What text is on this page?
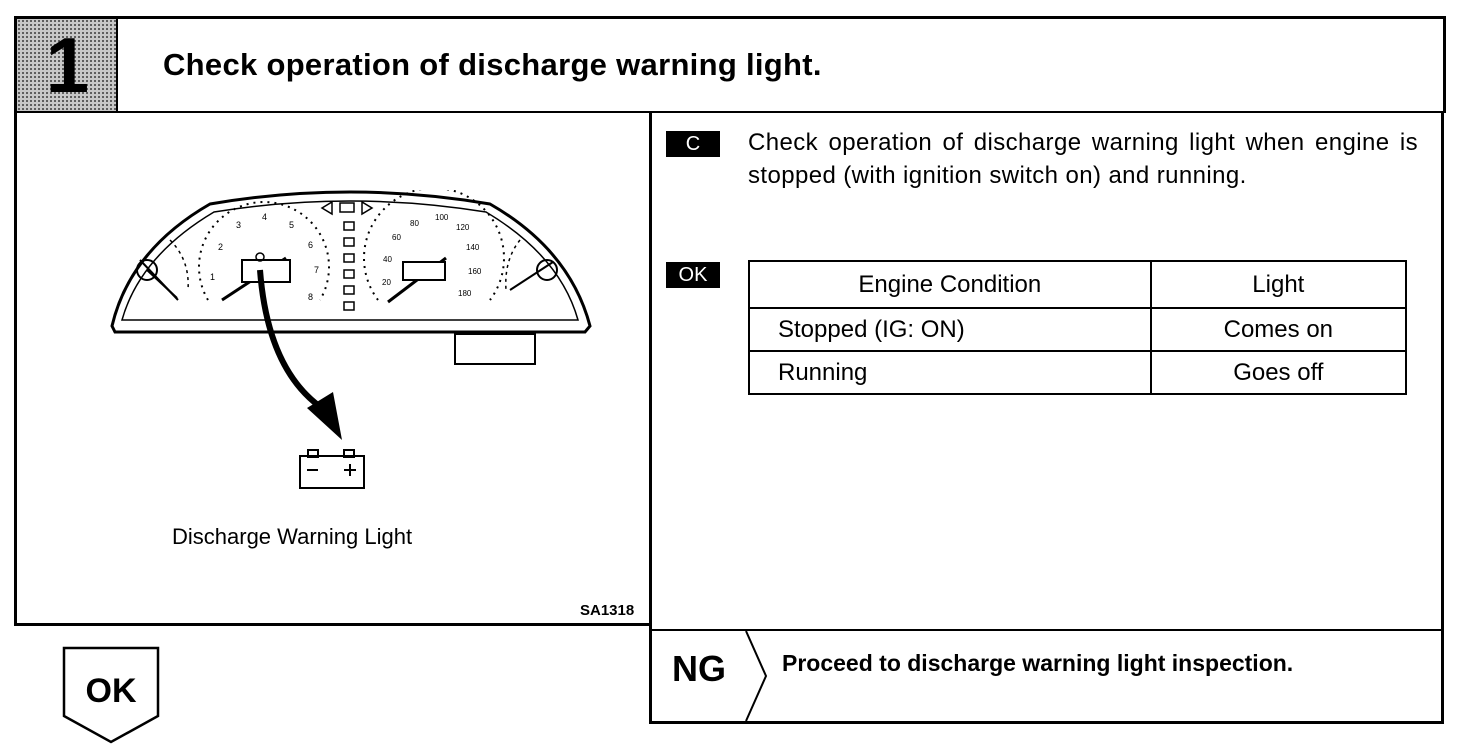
1	Check operation of discharge warning light.
1
2
3
4
5
6
7
8
20
40
60
80
100
120
140
160
180
Discharge Warning Light
SA1318
C	Check operation of discharge warning light when engine is stopped (with ignition switch on) and running.
OK	Engine Condition	Light
Stopped (IG: ON)	Comes on
Running	Goes off
OK
NG Proceed to discharge warning light inspection.
